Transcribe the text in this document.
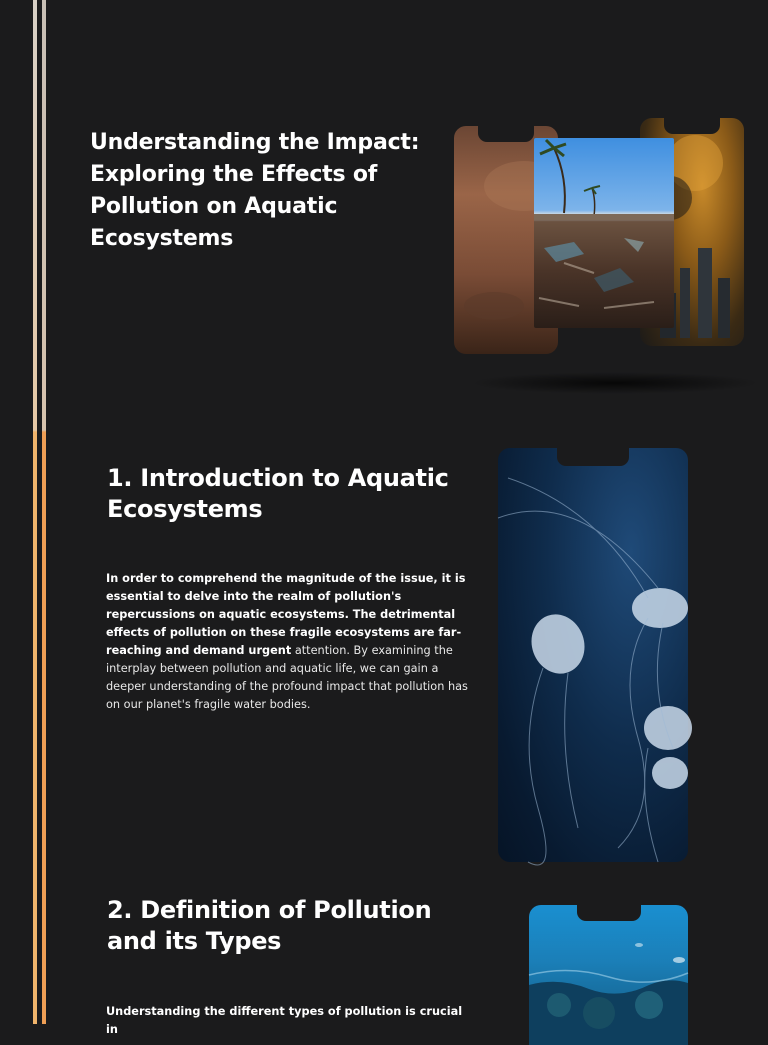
Understanding the Impact: Exploring the Effects of Pollution on Aquatic Ecosystems
1. Introduction to Aquatic Ecosystems

In order to comprehend the magnitude of the issue, it is essential to delve into the realm of pollution's repercussions on aquatic ecosystems. The detrimental effects of pollution on these fragile ecosystems are far-reaching and demand urgent attention. By examining the interplay between pollution and aquatic life, we can gain a deeper understanding of the profound impact that pollution has on our planet's fragile water bodies.

2. Definition of Pollution and its Types

Understanding the different types of pollution is crucial in
